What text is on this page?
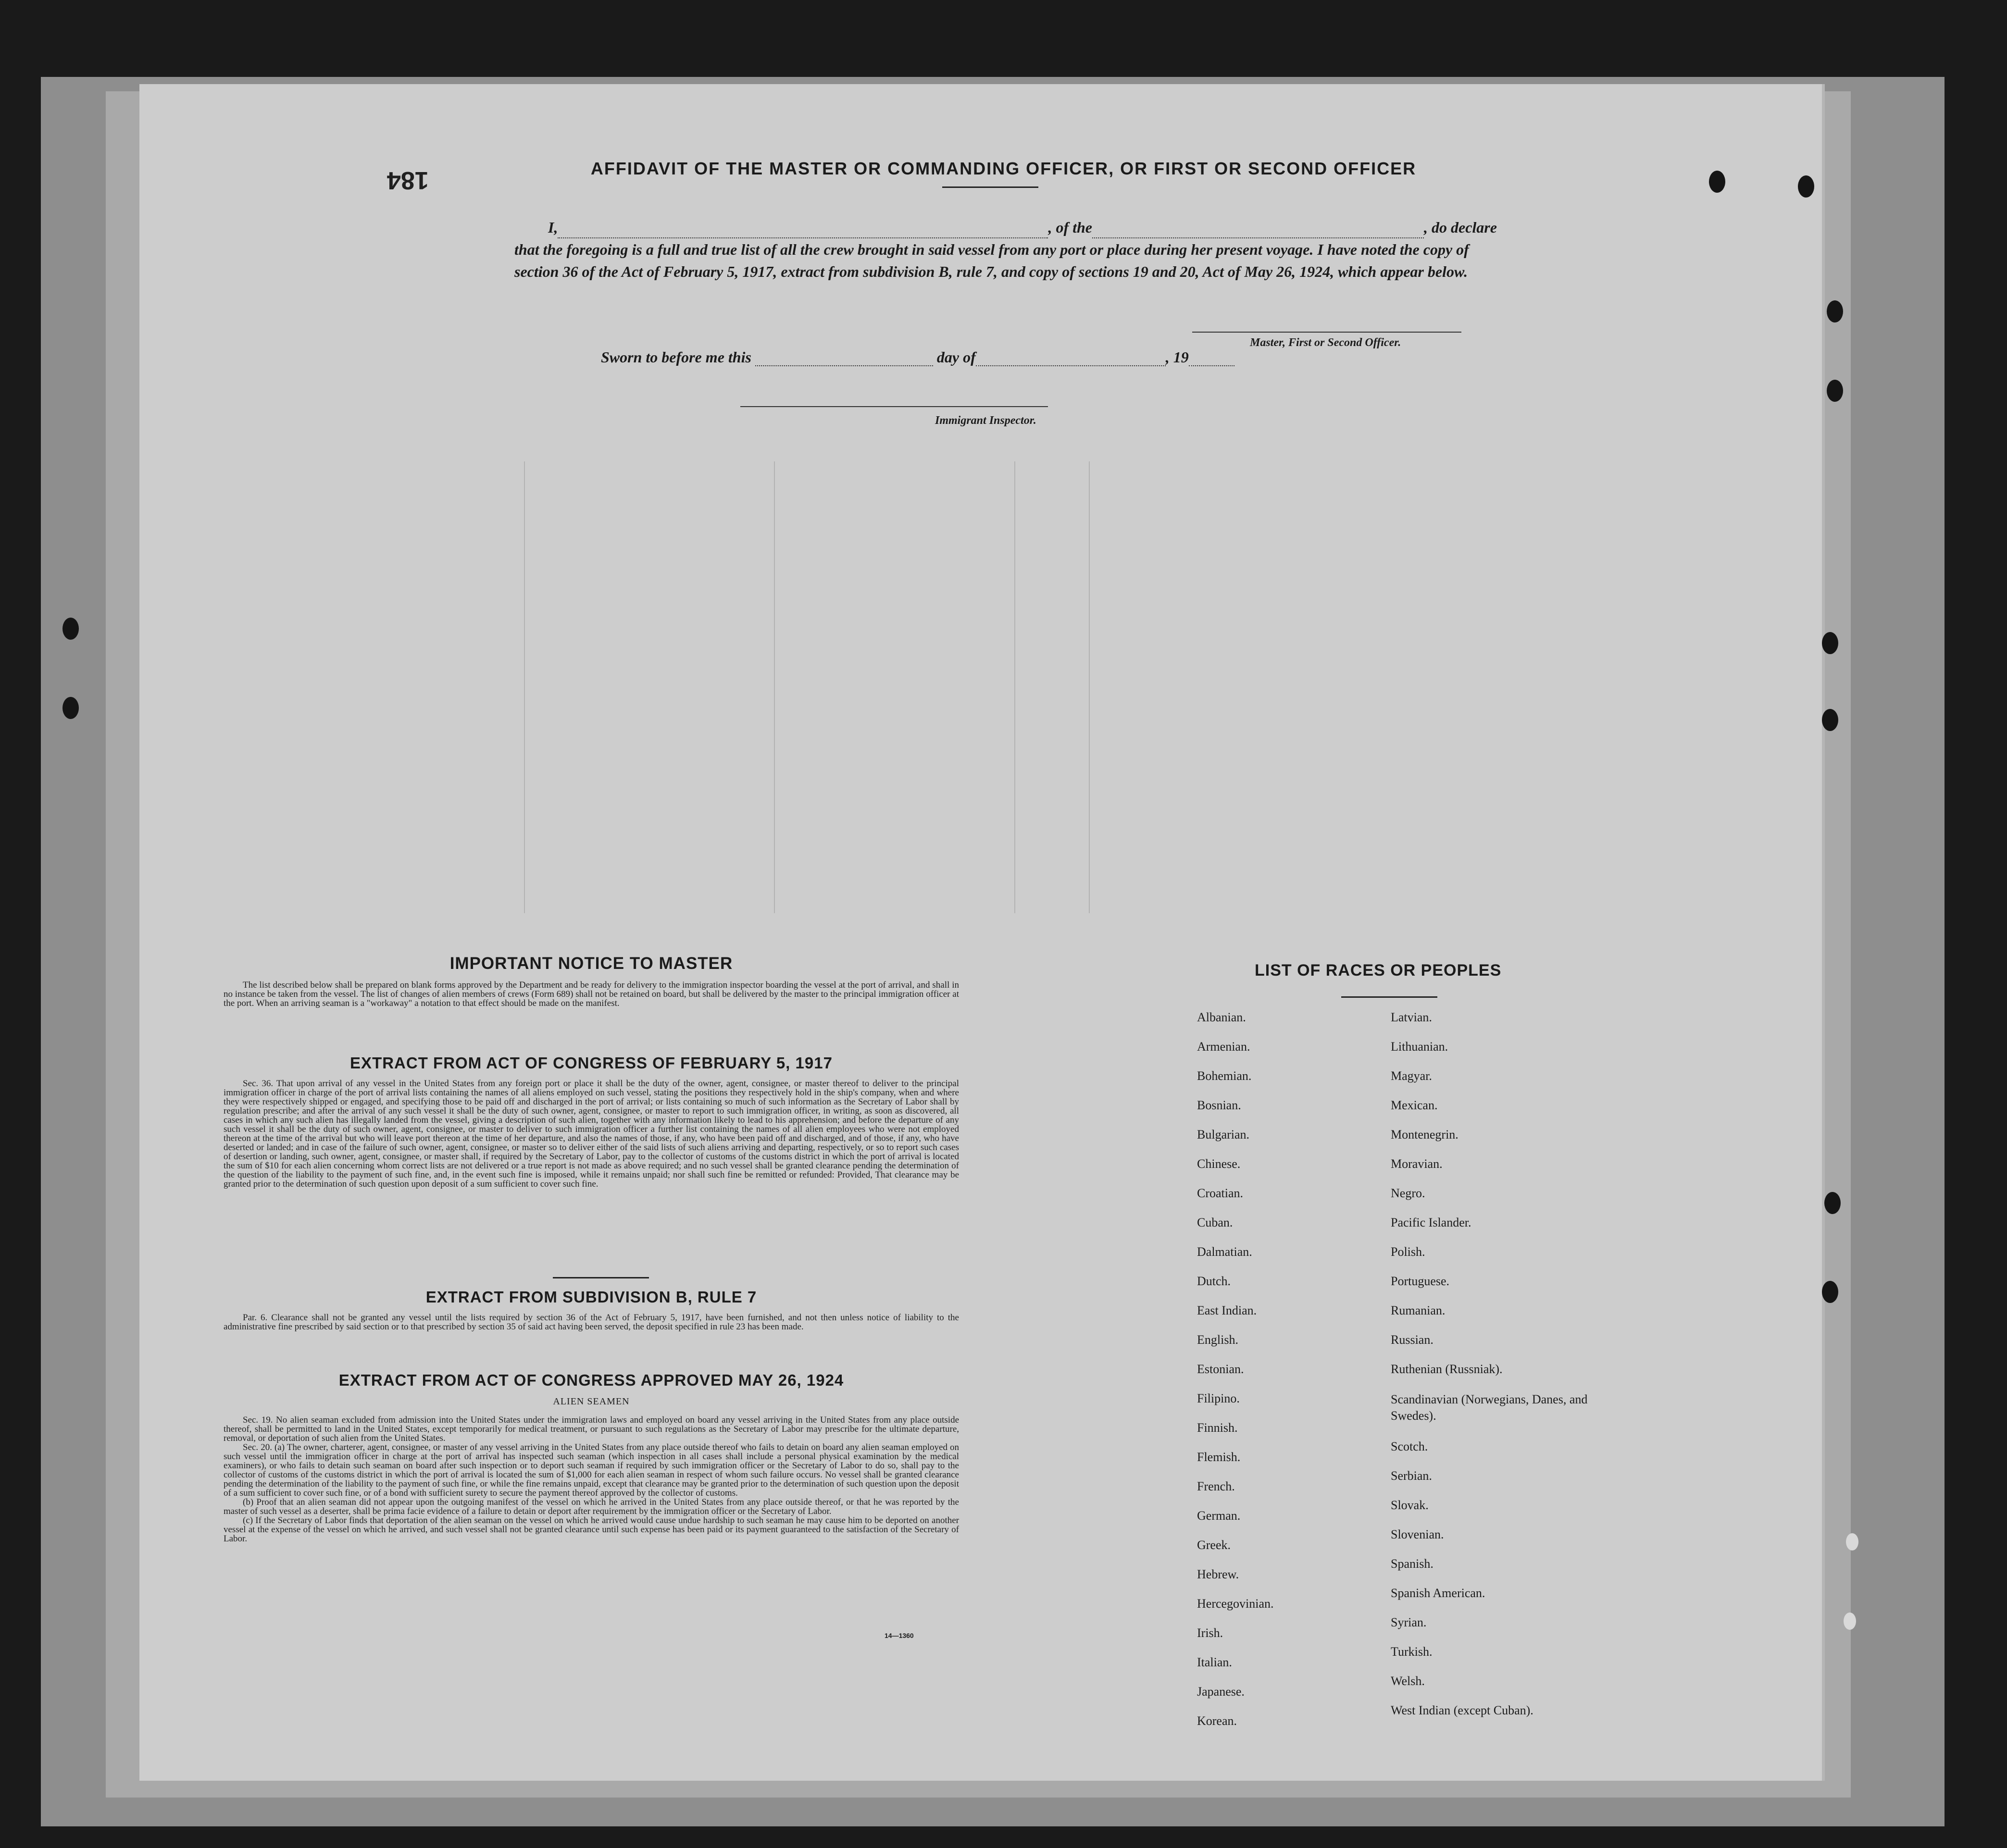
184	AFFIDAVIT OF THE MASTER OR COMMANDING OFFICER, OR FIRST OR SECOND OFFICER
I,	, of the	, do declare
that the foregoing is a full and true list of all the crew brought in said vessel from any port or place during her present voyage. I have noted the copy of section 36 of the Act of February 5, 1917, extract from subdivision B, rule 7, and copy of sections 19 and 20, Act of May 26, 1924, which appear below.
Master, First or Second Officer.
Sworn to before me this	day of	, 19
Immigrant Inspector.
IMPORTANT NOTICE TO MASTER

The list described below shall be prepared on blank forms approved by the Department and be ready for delivery to the immigration inspector boarding the vessel at the port of arrival, and shall in no instance be taken from the vessel. The list of changes of alien members of crews (Form 689) shall not be retained on board, but shall be delivered by the master to the principal immigration officer at the port. When an arriving seaman is a "workaway" a notation to that effect should be made on the manifest.

EXTRACT FROM ACT OF CONGRESS OF FEBRUARY 5, 1917

Sec. 36. That upon arrival of any vessel in the United States from any foreign port or place it shall be the duty of the owner, agent, consignee, or master thereof to deliver to the principal immigration officer in charge of the port of arrival lists containing the names of all aliens employed on such vessel, stating the positions they respectively hold in the ship's company, when and where they were respectively shipped or engaged, and specifying those to be paid off and discharged in the port of arrival; or lists containing so much of such information as the Secretary of Labor shall by regulation prescribe; and after the arrival of any such vessel it shall be the duty of such owner, agent, consignee, or master to report to such immigration officer, in writing, as soon as discovered, all cases in which any such alien has illegally landed from the vessel, giving a description of such alien, together with any information likely to lead to his apprehension; and before the departure of any such vessel it shall be the duty of such owner, agent, consignee, or master to deliver to such immigration officer a further list containing the names of all alien employees who were not employed thereon at the time of the arrival but who will leave port thereon at the time of her departure, and also the names of those, if any, who have been paid off and discharged, and of those, if any, who have deserted or landed; and in case of the failure of such owner, agent, consignee, or master so to deliver either of the said lists of such aliens arriving and departing, respectively, or so to report such cases of desertion or landing, such owner, agent, consignee, or master shall, if required by the Secretary of Labor, pay to the collector of customs of the customs district in which the port of arrival is located the sum of $10 for each alien concerning whom correct lists are not delivered or a true report is not made as above required; and no such vessel shall be granted clearance pending the determination of the question of the liability to the payment of such fine, and, in the event such fine is imposed, while it remains unpaid; nor shall such fine be remitted or refunded: Provided, That clearance may be granted prior to the determination of such question upon deposit of a sum sufficient to cover such fine.

EXTRACT FROM SUBDIVISION B, RULE 7

Par. 6. Clearance shall not be granted any vessel until the lists required by section 36 of the Act of February 5, 1917, have been furnished, and not then unless notice of liability to the administrative fine prescribed by said section or to that prescribed by section 35 of said act having been served, the deposit specified in rule 23 has been made.

EXTRACT FROM ACT OF CONGRESS APPROVED MAY 26, 1924
ALIEN SEAMEN

Sec. 19. No alien seaman excluded from admission into the United States under the immigration laws and employed on board any vessel arriving in the United States from any place outside thereof, shall be permitted to land in the United States, except temporarily for medical treatment, or pursuant to such regulations as the Secretary of Labor may prescribe for the ultimate departure, removal, or deportation of such alien from the United States.

Sec. 20. (a) The owner, charterer, agent, consignee, or master of any vessel arriving in the United States from any place outside thereof who fails to detain on board any alien seaman employed on such vessel until the immigration officer in charge at the port of arrival has inspected such seaman (which inspection in all cases shall include a personal physical examination by the medical examiners), or who fails to detain such seaman on board after such inspection or to deport such seaman if required by such immigration officer or the Secretary of Labor to do so, shall pay to the collector of customs of the customs district in which the port of arrival is located the sum of $1,000 for each alien seaman in respect of whom such failure occurs. No vessel shall be granted clearance pending the determination of the liability to the payment of such fine, or while the fine remains unpaid, except that clearance may be granted prior to the determination of such question upon the deposit of a sum sufficient to cover such fine, or of a bond with sufficient surety to secure the payment thereof approved by the collector of customs.

(b) Proof that an alien seaman did not appear upon the outgoing manifest of the vessel on which he arrived in the United States from any place outside thereof, or that he was reported by the master of such vessel as a deserter, shall be prima facie evidence of a failure to detain or deport after requirement by the immigration officer or the Secretary of Labor.

(c) If the Secretary of Labor finds that deportation of the alien seaman on the vessel on which he arrived would cause undue hardship to such seaman he may cause him to be deported on another vessel at the expense of the vessel on which he arrived, and such vessel shall not be granted clearance until such expense has been paid or its payment guaranteed to the satisfaction of the Secretary of Labor.

14—1360
LIST OF RACES OR PEOPLES
Albanian.
Armenian.
Bohemian.
Bosnian.
Bulgarian.
Chinese.
Croatian.
Cuban.
Dalmatian.
Dutch.
East Indian.
English.
Estonian.
Filipino.
Finnish.
Flemish.
French.
German.
Greek.
Hebrew.
Hercegovinian.
Irish.
Italian.
Japanese.
Korean.
Latvian.
Lithuanian.
Magyar.
Mexican.
Montenegrin.
Moravian.
Negro.
Pacific Islander.
Polish.
Portuguese.
Rumanian.
Russian.
Ruthenian (Russniak).
Scandinavian (Norwegians, Danes, and Swedes).
Scotch.
Serbian.
Slovak.
Slovenian.
Spanish.
Spanish American.
Syrian.
Turkish.
Welsh.
West Indian (except Cuban).
